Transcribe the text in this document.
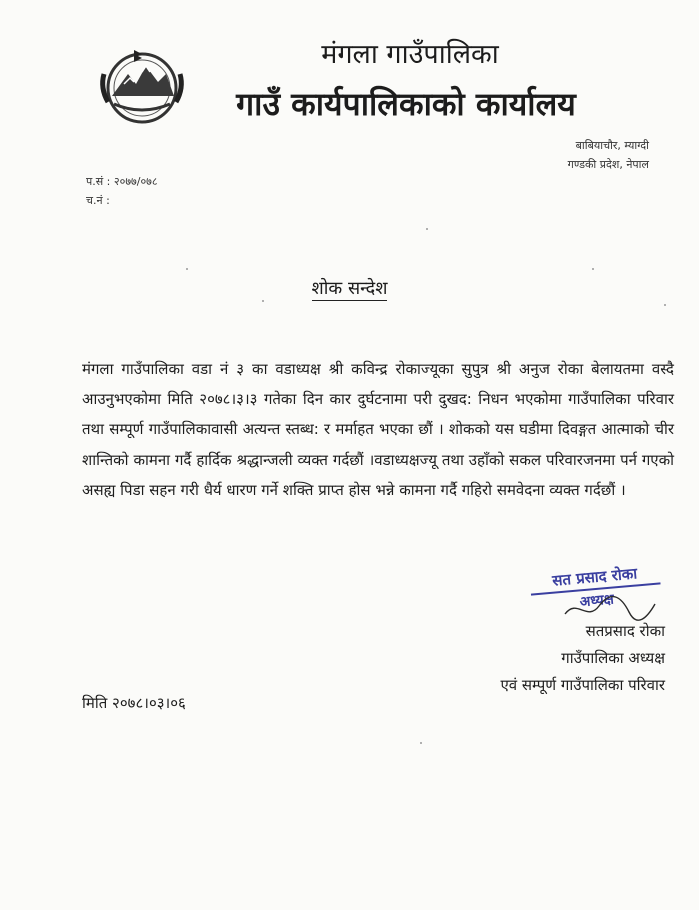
मंगला गाउँपालिका
गाउँ कार्यपालिकाको कार्यालय
बाबियाचौर, म्याग्दी
गण्डकी प्रदेश, नेपाल
प.सं : २०७७/०७८
च.नं :
शोक सन्देश
मंगला गाउँपालिका वडा नं ३ का वडाध्यक्ष श्री कविन्द्र रोकाज्यूका सुपुत्र श्री अनुज रोका बेलायतमा वस्दै आउनुभएकोमा मिति २०७८।३।३ गतेका दिन कार दुर्घटनामा परी दुखद: निधन भएकोमा गाउँपालिका परिवार तथा सम्पूर्ण गाउँपालिकावासी अत्यन्त स्तब्ध: र मर्माहत भएका छौं । शोकको यस घडीमा दिवङ्गत आत्माको चीर शान्तिको कामना गर्दै हार्दिक श्रद्धान्जली व्यक्त गर्दछौं ।वडाध्यक्षज्यू तथा उहाँको सकल परिवारजनमा पर्न गएको असह्य पिडा सहन गरी धैर्य धारण गर्ने शक्ति प्राप्त होस भन्ने कामना गर्दै गहिरो समवेदना व्यक्त गर्दछौं ।
सत प्रसाद रोका
अध्यक्ष
सतप्रसाद रोका
गाउँपालिका अध्यक्ष
एवं सम्पूर्ण गाउँपालिका परिवार
मिति २०७८।०३।०६
